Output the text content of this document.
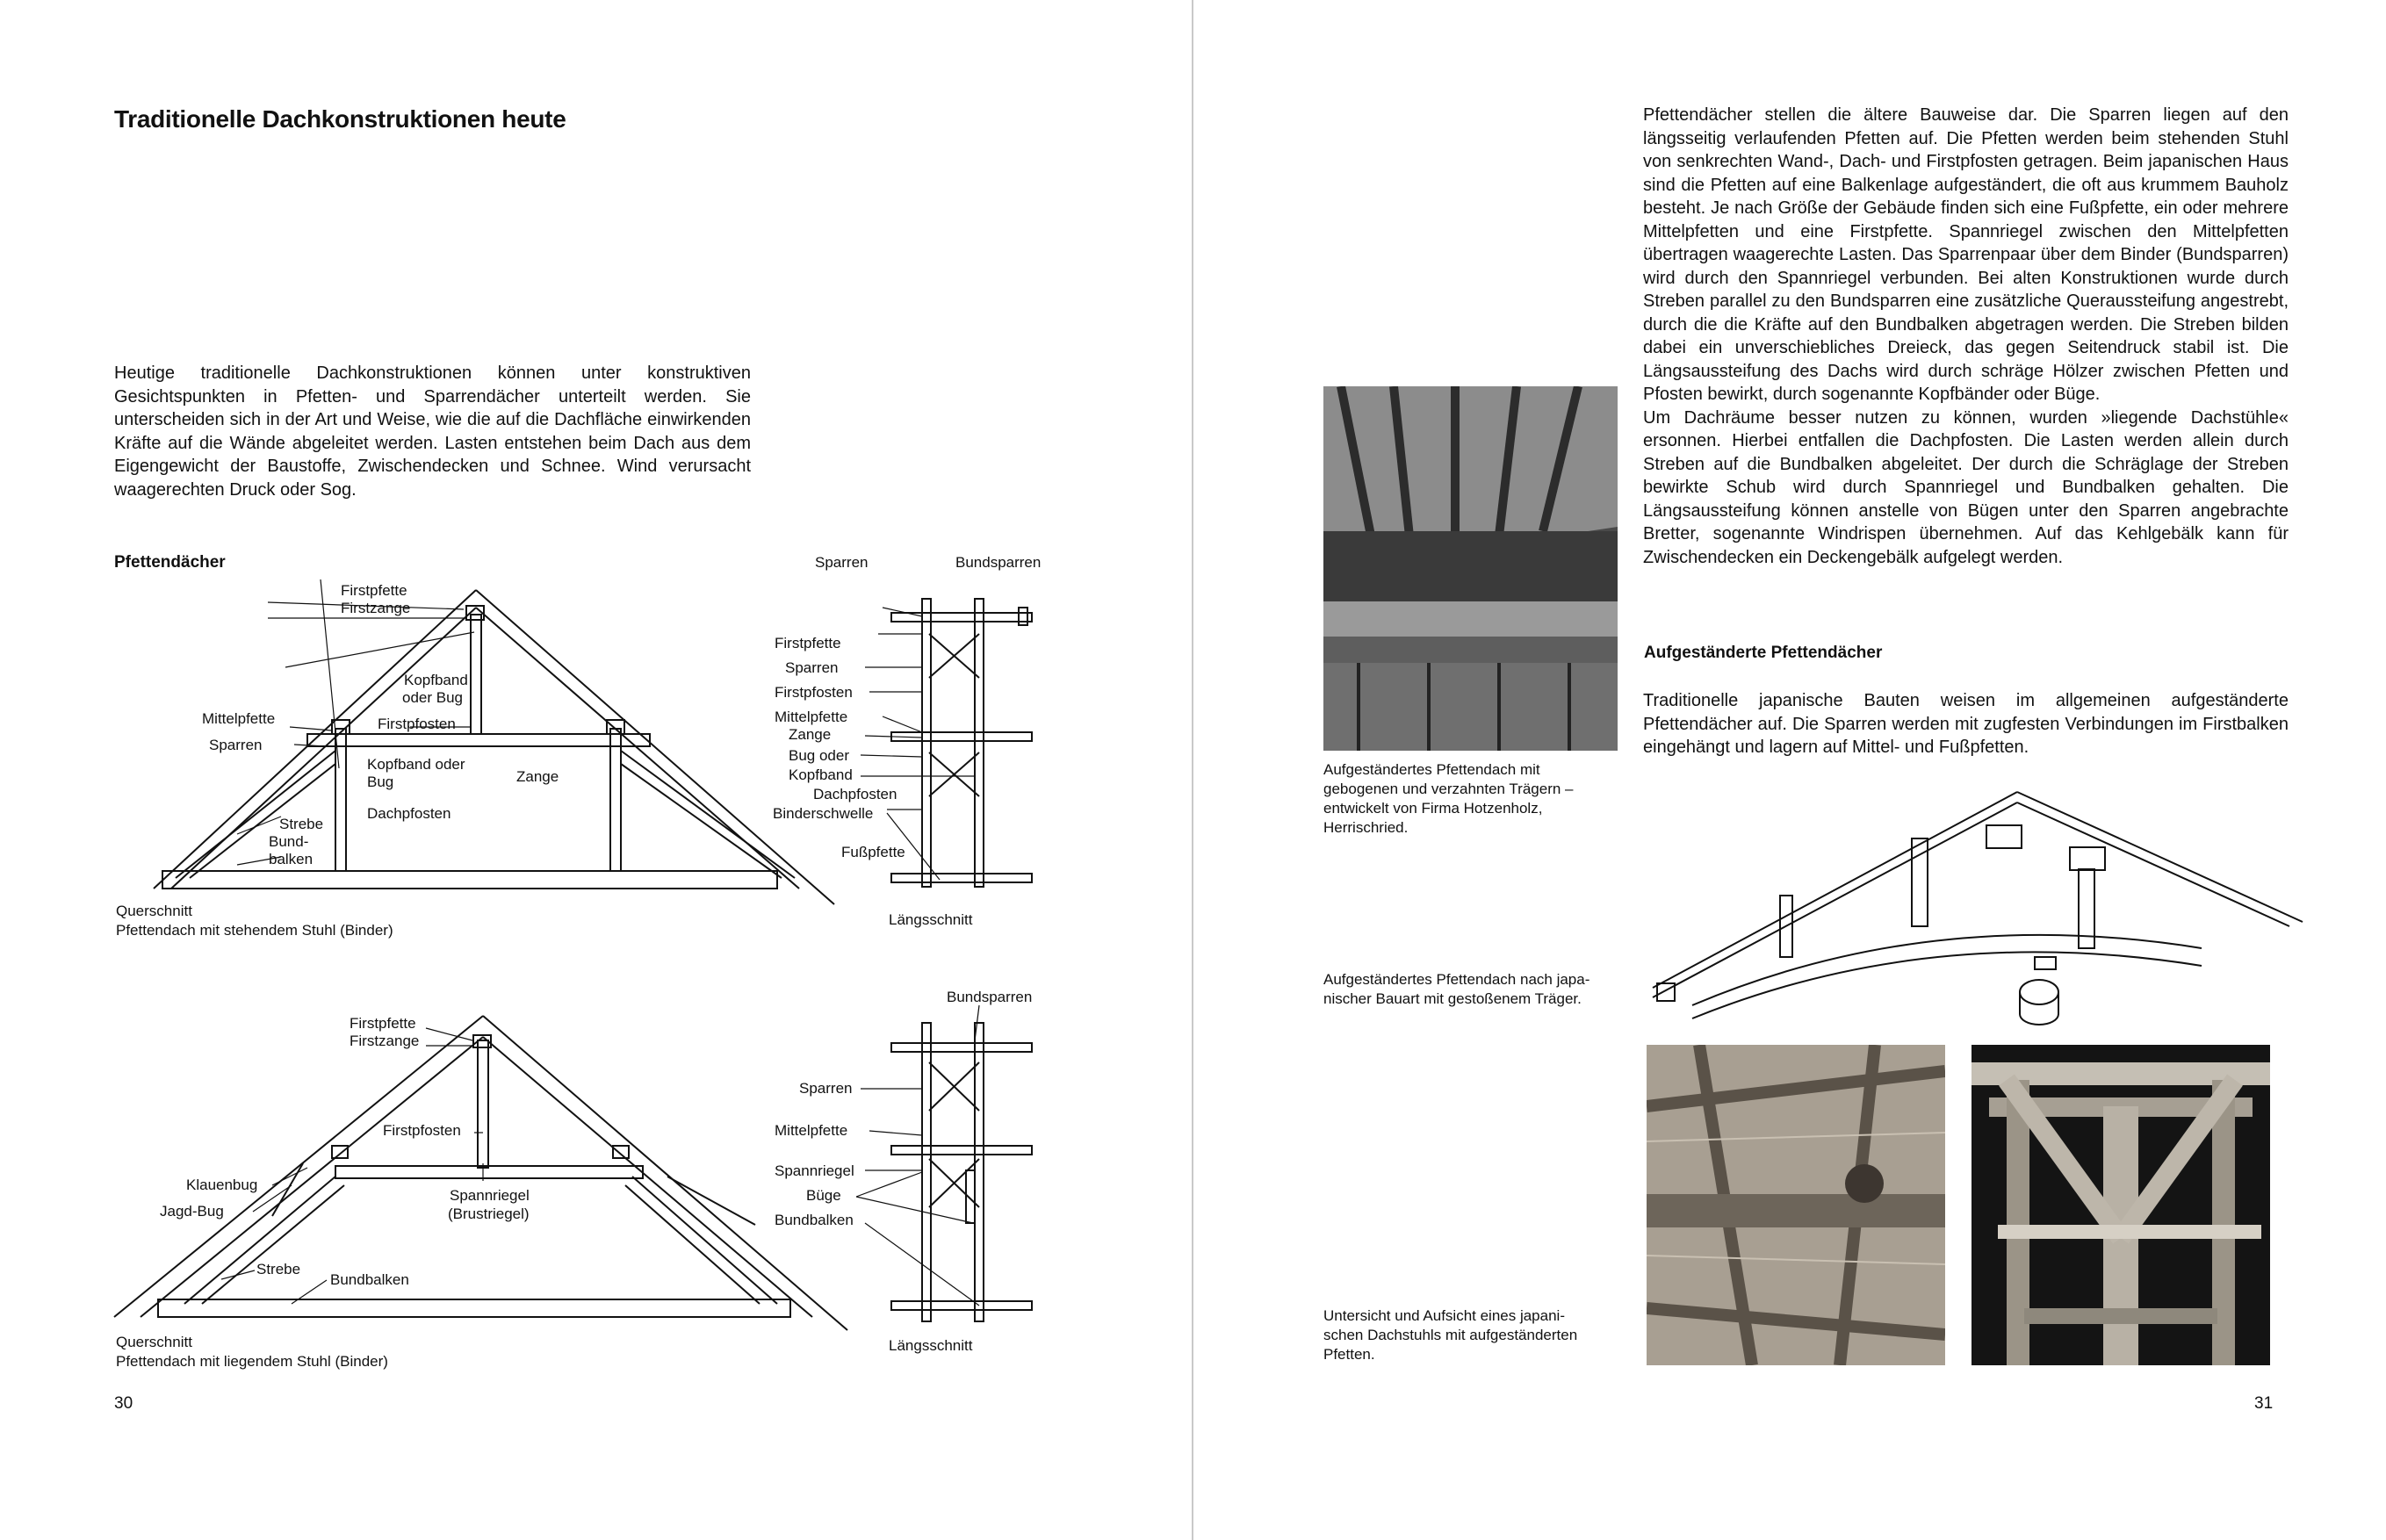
Traditionelle Dachkonstruktionen heute
Heutige traditionelle Dachkonstruktionen können unter konstruktiven Gesichtspunkten in Pfetten- und Sparrendächer unterteilt werden. Sie unterscheiden sich in der Art und Weise, wie die auf die Dachfläche einwirkenden Kräfte auf die Wände abgeleitet werden. Lasten entstehen beim Dach aus dem Eigengewicht der Baustoffe, Zwischendecken und Schnee. Wind verursacht waagerechten Druck oder Sog.
Pfettendächer
Firstpfette
Firstzange
Kopfband
oder Bug
Mittelpfette	Firstpfosten
Sparren
Kopfband oder
Bug	Zange
Dachpfosten
Strebe
Bund-
balken
Querschnitt
Pfettendach mit stehendem Stuhl (Binder)
Sparren	Bundsparren
Firstpfette
Sparren
Firstpfosten
Mittelpfette
Zange
Bug oder
Kopfband
Dachpfosten
Binderschwelle
Fußpfette
Längsschnitt
Firstpfette
Firstzange
Firstpfosten
Klauenbug
Jagd-Bug
Spannriegel
(Brustriegel)
Strebe
Bundbalken
Querschnitt
Pfettendach mit liegendem Stuhl (Binder)
Bundsparren
Sparren
Mittelpfette
Spannriegel
Büge
Bundbalken
Längsschnitt
30

Pfettendächer stellen die ältere Bauweise dar. Die Sparren liegen auf den längsseitig verlaufenden Pfetten auf. Die Pfetten werden beim stehenden Stuhl von senkrechten Wand-, Dach- und Firstpfosten getragen. Beim japanischen Haus sind die Pfetten auf eine Balkenlage aufgeständert, die oft aus krummem Bauholz besteht. Je nach Größe der Gebäude finden sich eine Fußpfette, ein oder mehrere Mittelpfetten und eine Firstpfette. Spannriegel zwischen den Mittelpfetten übertragen waagerechte Lasten. Das Sparrenpaar über dem Binder (Bundsparren) wird durch den Spannriegel verbunden. Bei alten Konstruktionen wurde durch Streben parallel zu den Bundsparren eine zusätzliche Queraussteifung angestrebt, durch die die Kräfte auf den Bundbalken abgetragen werden. Die Streben bilden dabei ein unverschiebliches Dreieck, das gegen Seitendruck stabil ist. Die Längsaussteifung des Dachs wird durch schräge Hölzer zwischen Pfetten und Pfosten bewirkt, durch sogenannte Kopfbänder oder Büge.

Um Dachräume besser nutzen zu können, wurden »liegende Dachstühle« ersonnen. Hierbei entfallen die Dachpfosten. Die Lasten werden allein durch Streben auf die Bundbalken abgeleitet. Der durch die Schräglage der Streben bewirkte Schub wird durch Spannriegel und Bundbalken gehalten. Die Längsaussteifung können anstelle von Bügen unter den Sparren angebrachte Bretter, sogenannte Windrispen übernehmen. Auf das Kehlgebälk kann für Zwischendecken ein Deckengebälk aufgelegt werden.

Aufgeständerte Pfettendächer
Traditionelle japanische Bauten weisen im allgemeinen aufgeständerte Pfettendächer auf. Die Sparren werden mit zugfesten Verbindungen im Firstbalken eingehängt und lagern auf Mittel- und Fußpfetten.
Aufgeständertes Pfettendach mit
gebogenen und verzahnten Trägern –
entwickelt von Firma Hotzenholz,
Herrischried.
Aufgeständertes Pfettendach nach japa-
nischer Bauart mit gestoßenem Träger.
Untersicht und Aufsicht eines japani-
schen Dachstuhls mit aufgeständerten
Pfetten.
31
